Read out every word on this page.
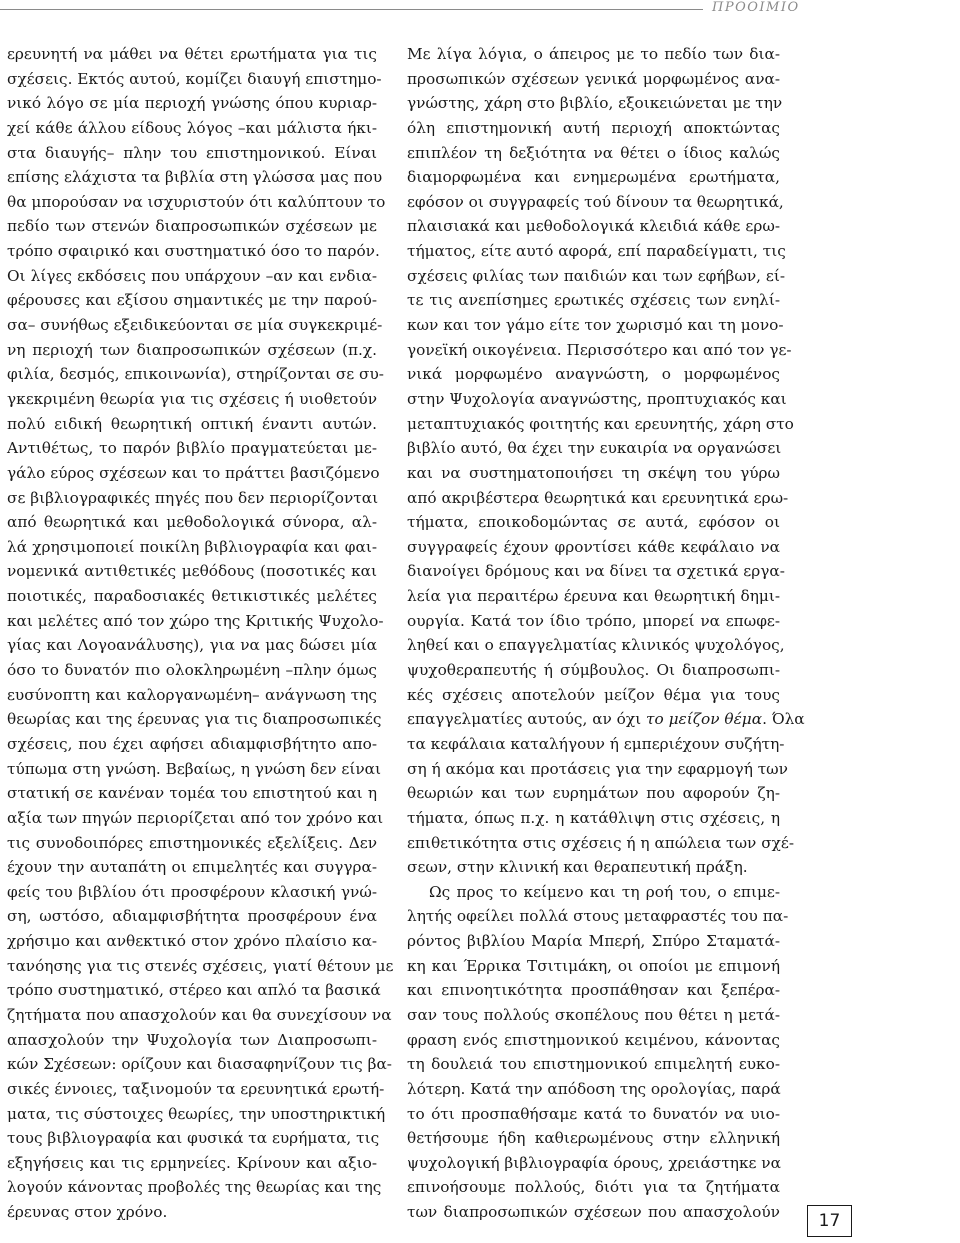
ΠΡΟΟΙΜΙΟ
ερευνητή να μάθει να θέτει ερωτήματα για τις
σχέσεις. Εκτός αυτού, κομίζει διαυγή επιστημο-
νικό λόγο σε μία περιοχή γνώσης όπου κυριαρ-
χεί κάθε άλλου είδους λόγος –και μάλιστα ήκι-
στα διαυγής– πλην του επιστημονικού. Είναι
επίσης ελάχιστα τα βιβλία στη γλώσσα μας που
θα μπορούσαν να ισχυριστούν ότι καλύπτουν το
πεδίο των στενών διαπροσωπικών σχέσεων με
τρόπο σφαιρικό και συστηματικό όσο το παρόν.
Οι λίγες εκδόσεις που υπάρχουν –αν και ενδια-
φέρουσες και εξίσου σημαντικές με την παρού-
σα– συνήθως εξειδικεύονται σε μία συγκεκριμέ-
νη περιοχή των διαπροσωπικών σχέσεων (π.χ.
φιλία, δεσμός, επικοινωνία), στηρίζονται σε συ-
γκεκριμένη θεωρία για τις σχέσεις ή υιοθετούν
πολύ ειδική θεωρητική οπτική έναντι αυτών.
Αντιθέτως, το παρόν βιβλίο πραγματεύεται με-
γάλο εύρος σχέσεων και το πράττει βασιζόμενο
σε βιβλιογραφικές πηγές που δεν περιορίζονται
από θεωρητικά και μεθοδολογικά σύνορα, αλ-
λά χρησιμοποιεί ποικίλη βιβλιογραφία και φαι-
νομενικά αντιθετικές μεθόδους (ποσοτικές και
ποιοτικές, παραδοσιακές θετικιστικές μελέτες
και μελέτες από τον χώρο της Κριτικής Ψυχολο-
γίας και Λογοανάλυσης), για να μας δώσει μία
όσο το δυνατόν πιο ολοκληρωμένη –πλην όμως
ευσύνοπτη και καλοργανωμένη– ανάγνωση της
θεωρίας και της έρευνας για τις διαπροσωπικές
σχέσεις, που έχει αφήσει αδιαμφισβήτητο απο-
τύπωμα στη γνώση. Βεβαίως, η γνώση δεν είναι
στατική σε κανέναν τομέα του επιστητού και η
αξία των πηγών περιορίζεται από τον χρόνο και
τις συνοδοιπόρες επιστημονικές εξελίξεις. Δεν
έχουν την αυταπάτη οι επιμελητές και συγγρα-
φείς του βιβλίου ότι προσφέρουν κλασική γνώ-
ση, ωστόσο, αδιαμφισβήτητα προσφέρουν ένα
χρήσιμο και ανθεκτικό στον χρόνο πλαίσιο κα-
τανόησης για τις στενές σχέσεις, γιατί θέτουν με
τρόπο συστηματικό, στέρεο και απλό τα βασικά
ζητήματα που απασχολούν και θα συνεχίσουν να
απασχολούν την Ψυχολογία των Διαπροσωπι-
κών Σχέσεων: ορίζουν και διασαφηνίζουν τις βα-
σικές έννοιες, ταξινομούν τα ερευνητικά ερωτή-
ματα, τις σύστοιχες θεωρίες, την υποστηρικτική
τους βιβλιογραφία και φυσικά τα ευρήματα, τις
εξηγήσεις και τις ερμηνείες. Κρίνουν και αξιο-
λογούν κάνοντας προβολές της θεωρίας και της
έρευνας στον χρόνο.
Με λίγα λόγια, ο άπειρος με το πεδίο των δια-
προσωπικών σχέσεων γενικά μορφωμένος ανα-
γνώστης, χάρη στο βιβλίο, εξοικειώνεται με την
όλη επιστημονική αυτή περιοχή αποκτώντας
επιπλέον τη δεξιότητα να θέτει ο ίδιος καλώς
διαμορφωμένα και ενημερωμένα ερωτήματα,
εφόσον οι συγγραφείς τού δίνουν τα θεωρητικά,
πλαισιακά και μεθοδολογικά κλειδιά κάθε ερω-
τήματος, είτε αυτό αφορά, επί παραδείγματι, τις
σχέσεις φιλίας των παιδιών και των εφήβων, εί-
τε τις ανεπίσημες ερωτικές σχέσεις των ενηλί-
κων και τον γάμο είτε τον χωρισμό και τη μονο-
γονεϊκή οικογένεια. Περισσότερο και από τον γε-
νικά μορφωμένο αναγνώστη, ο μορφωμένος
στην Ψυχολογία αναγνώστης, προπτυχιακός και
μεταπτυχιακός φοιτητής και ερευνητής, χάρη στο
βιβλίο αυτό, θα έχει την ευκαιρία να οργανώσει
και να συστηματοποιήσει τη σκέψη του γύρω
από ακριβέστερα θεωρητικά και ερευνητικά ερω-
τήματα, εποικοδομώντας σε αυτά, εφόσον οι
συγγραφείς έχουν φροντίσει κάθε κεφάλαιο να
διανοίγει δρόμους και να δίνει τα σχετικά εργα-
λεία για περαιτέρω έρευνα και θεωρητική δημι-
ουργία. Κατά τον ίδιο τρόπο, μπορεί να επωφε-
ληθεί και ο επαγγελματίας κλινικός ψυχολόγος,
ψυχοθεραπευτής ή σύμβουλος. Οι διαπροσωπι-
κές σχέσεις αποτελούν μείζον θέμα για τους
επαγγελματίες αυτούς, αν όχι το μείζον θέμα. Όλα
τα κεφάλαια καταλήγουν ή εμπεριέχουν συζήτη-
ση ή ακόμα και προτάσεις για την εφαρμογή των
θεωριών και των ευρημάτων που αφορούν ζη-
τήματα, όπως π.χ. η κατάθλιψη στις σχέσεις, η
επιθετικότητα στις σχέσεις ή η απώλεια των σχέ-
σεων, στην κλινική και θεραπευτική πράξη.
Ως προς το κείμενο και τη ροή του, ο επιμε-
λητής οφείλει πολλά στους μεταφραστές του πα-
ρόντος βιβλίου Μαρία Μπερή, Σπύρο Σταματά-
κη και Έρρικα Τσιτιμάκη, οι οποίοι με επιμονή
και επινοητικότητα προσπάθησαν και ξεπέρα-
σαν τους πολλούς σκοπέλους που θέτει η μετά-
φραση ενός επιστημονικού κειμένου, κάνοντας
τη δουλειά του επιστημονικού επιμελητή ευκο-
λότερη. Κατά την απόδοση της ορολογίας, παρά
το ότι προσπαθήσαμε κατά το δυνατόν να υιο-
θετήσουμε ήδη καθιερωμένους στην ελληνική
ψυχολογική βιβλιογραφία όρους, χρειάστηκε να
επινοήσουμε πολλούς, διότι για τα ζητήματα
των διαπροσωπικών σχέσεων που απασχολούν 17
